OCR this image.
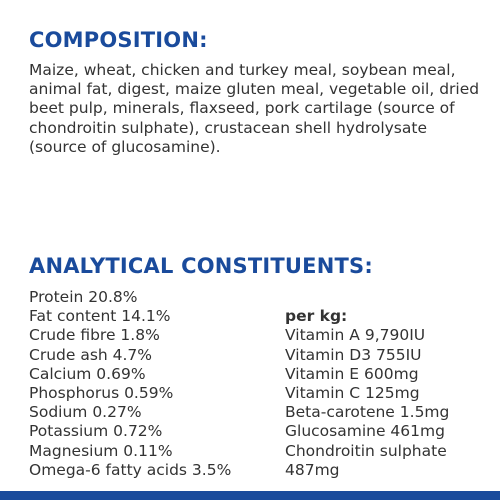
COMPOSITION:

Maize, wheat, chicken and turkey meal, soybean meal, animal fat, digest, maize gluten meal, vegetable oil, dried beet pulp, minerals, flaxseed, pork cartilage (source of chondroitin sulphate), crustacean shell hydrolysate (source of glucosamine).

ANALYTICAL CONSTITUENTS:
Protein 20.8%
Fat content 14.1%
Crude fibre 1.8%
Crude ash 4.7%
Calcium 0.69%
Phosphorus 0.59%
Sodium 0.27%
Potassium 0.72%
Magnesium 0.11%
Omega-6 fatty acids 3.5%
per kg:
Vitamin A 9,790IU
Vitamin D3 755IU
Vitamin E 600mg
Vitamin C 125mg
Beta-carotene 1.5mg
Glucosamine 461mg
Chondroitin sulphate
487mg
